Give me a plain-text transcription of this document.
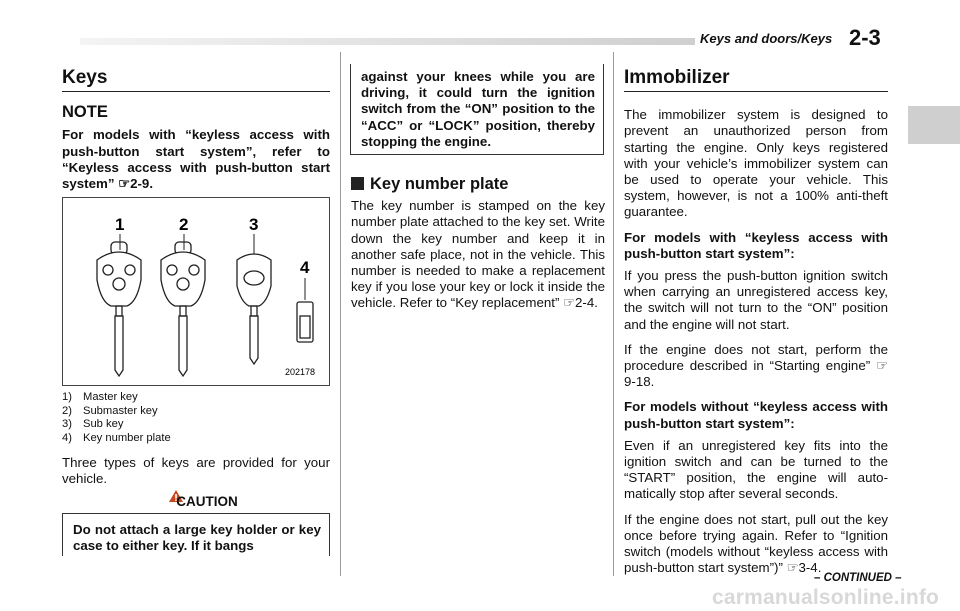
Keys and doors/Keys 2-3
Keys
NOTE

For models with “keyless access with push-button start system”, refer to “Keyless access with push-button start system” ☞2-9.

1	2	3
4
202178
1) Master key
2) Submaster key
3) Sub key
4) Key number plate
Three types of keys are provided for your vehicle.
CAUTION
Do not attach a large key holder or key case to either key. If it bangs
against your knees while you are driving, it could turn the ignition switch from the “ON” position to the “ACC” or “LOCK” position, thereby stopping the engine.
Key number plate

The key number is stamped on the key number plate attached to the key set. Write down the key number and keep it in another safe place, not in the vehicle. This number is needed to make a replacement key if you lose your key or lock it inside the vehicle. Refer to “Key replacement” ☞2-4.

Immobilizer

The immobilizer system is designed to prevent an unauthorized person from starting the engine. Only keys registered with your vehicle’s immobilizer system can be used to operate your vehicle. This system, however, is not a 100% anti-theft guarantee.

For models with “keyless access with push-button start system”:

If you press the push-button ignition switch when carrying an unregistered access key, the switch will not turn to the “ON” position and the engine will not start.

If the engine does not start, perform the procedure described in “Starting engine” ☞9-18.

For models without “keyless access with push-button start system”:

Even if an unregistered key fits into the ignition switch and can be turned to the “START” position, the engine will auto-matically stop after several seconds.

If the engine does not start, pull out the key once before trying again. Refer to “Ignition switch (models without “keyless access with push-button start system”)” ☞3-4.

– CONTINUED –
carmanualsonline.info
